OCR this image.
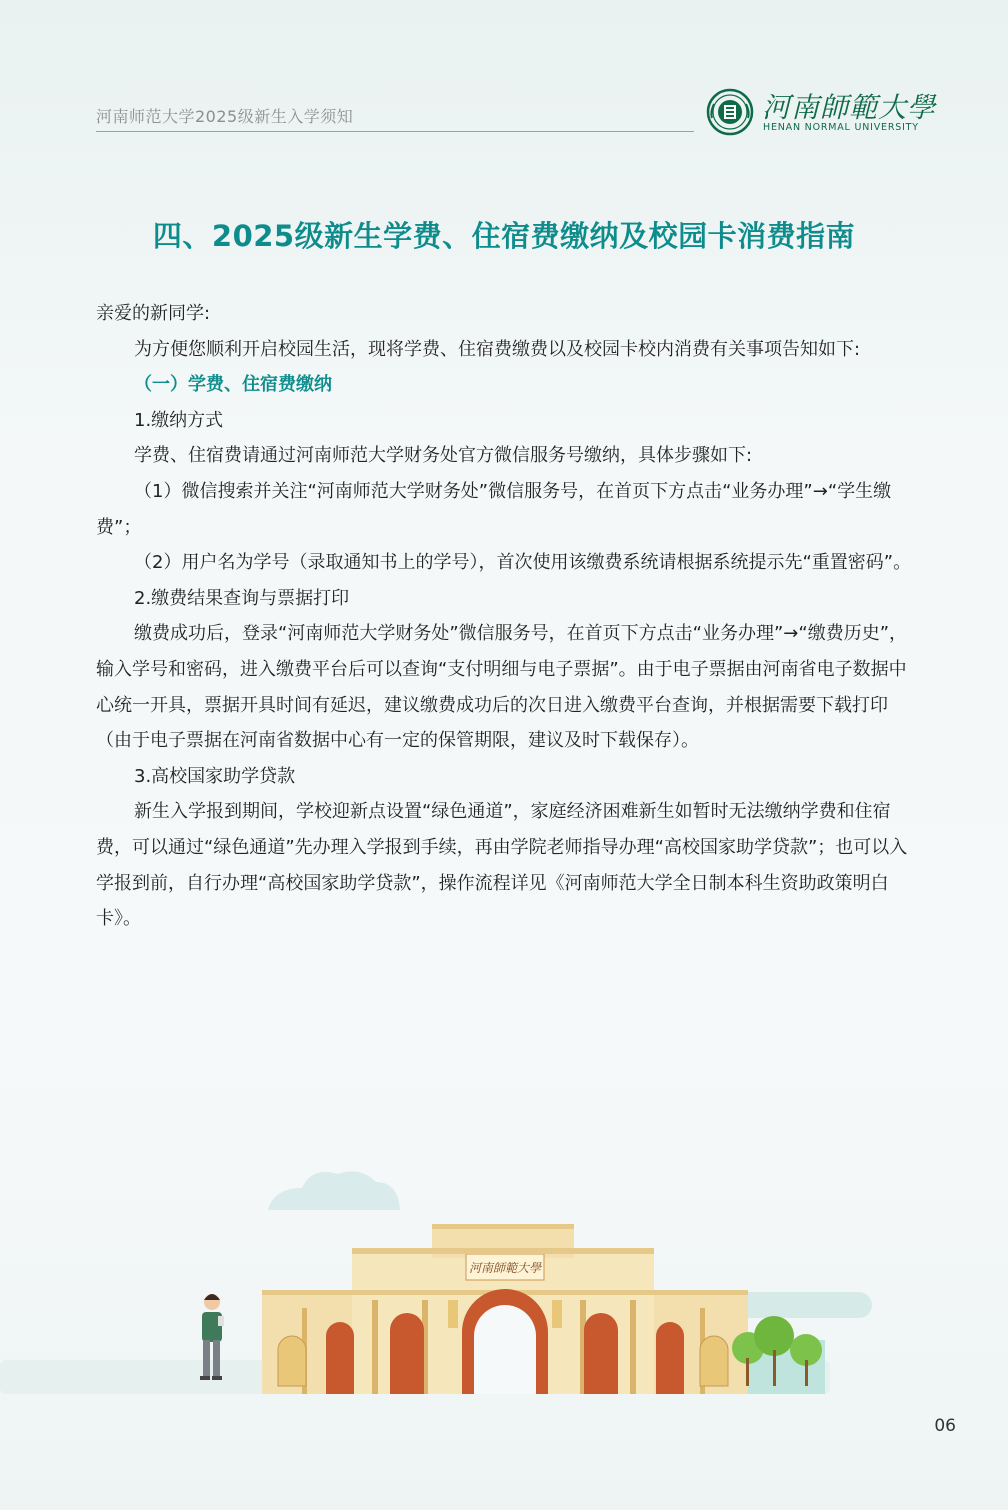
河南师范大学2025级新生入学须知	河南師範大學
HENAN NORMAL UNIVERSITY
四、2025级新生学费、住宿费缴纳及校园卡消费指南

亲爱的新同学:

为方便您顺利开启校园生活，现将学费、住宿费缴费以及校园卡校内消费有关事项告知如下:

（一）学费、住宿费缴纳

1.缴纳方式

学费、住宿费请通过河南师范大学财务处官方微信服务号缴纳，具体步骤如下:

（1）微信搜索并关注“河南师范大学财务处”微信服务号，在首页下方点击“业务办理”→“学生缴费”；

（2）用户名为学号（录取通知书上的学号），首次使用该缴费系统请根据系统提示先“重置密码”。

2.缴费结果查询与票据打印

缴费成功后，登录“河南师范大学财务处”微信服务号，在首页下方点击“业务办理”→“缴费历史”，输入学号和密码，进入缴费平台后可以查询“支付明细与电子票据”。由于电子票据由河南省电子数据中心统一开具，票据开具时间有延迟，建议缴费成功后的次日进入缴费平台查询，并根据需要下载打印（由于电子票据在河南省数据中心有一定的保管期限，建议及时下载保存）。

3.高校国家助学贷款

新生入学报到期间，学校迎新点设置“绿色通道”，家庭经济困难新生如暂时无法缴纳学费和住宿费，可以通过“绿色通道”先办理入学报到手续，再由学院老师指导办理“高校国家助学贷款”；也可以入学报到前，自行办理“高校国家助学贷款”，操作流程详见《河南师范大学全日制本科生资助政策明白卡》。

河南師範大學
06
